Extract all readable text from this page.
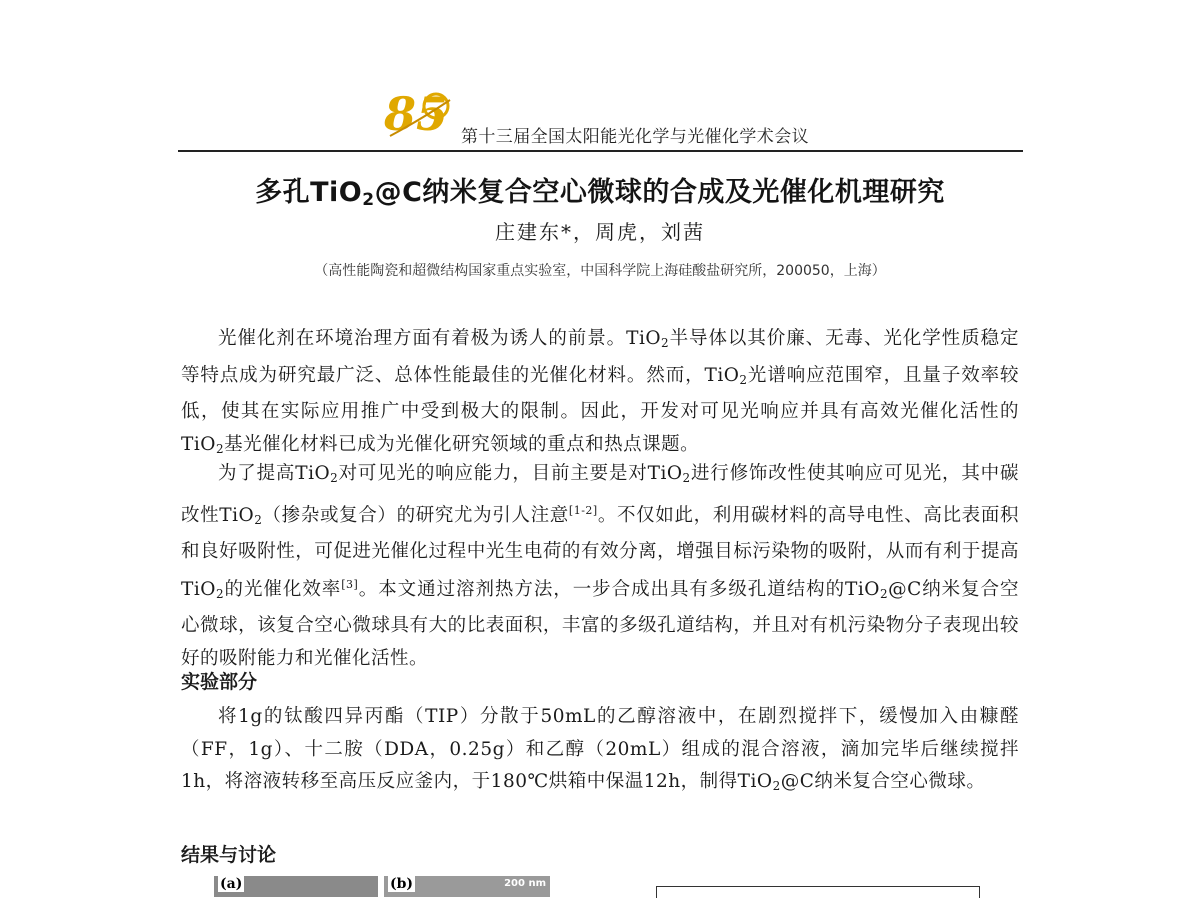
85 第十三届全国太阳能光化学与光催化学术会议
多孔TiO$_2$@C纳米复合空心微球的合成及光催化机理研究
庄建东*，周虎，刘茜
（高性能陶瓷和超微结构国家重点实验室，中国科学院上海硅酸盐研究所，200050，上海）
光催化剂在环境治理方面有着极为诱人的前景。TiO$_2$半导体以其价廉、无毒、光化学性质稳定等特点成为研究最广泛、总体性能最佳的光催化材料。然而，TiO$_2$光谱响应范围窄，且量子效率较低，使其在实际应用推广中受到极大的限制。因此，开发对可见光响应并具有高效光催化活性的TiO$_2$基光催化材料已成为光催化研究领域的重点和热点课题。
为了提高TiO$_2$对可见光的响应能力，目前主要是对TiO$_2$进行修饰改性使其响应可见光，其中碳改性TiO$_2$（掺杂或复合）的研究尤为引人注意[1-2]。不仅如此，利用碳材料的高导电性、高比表面积和良好吸附性，可促进光催化过程中光生电荷的有效分离，增强目标污染物的吸附，从而有利于提高TiO$_2$的光催化效率[3]。本文通过溶剂热方法，一步合成出具有多级孔道结构的TiO$_2$@C纳米复合空心微球，该复合空心微球具有大的比表面积，丰富的多级孔道结构，并且对有机污染物分子表现出较好的吸附能力和光催化活性。
实验部分
将1g的钛酸四异丙酯（TIP）分散于50mL的乙醇溶液中，在剧烈搅拌下，缓慢加入由糠醛（FF，1g）、十二胺（DDA，0.25g）和乙醇（20mL）组成的混合溶液，滴加完毕后继续搅拌1h，将溶液转移至高压反应釜内，于180℃烘箱中保温12h，制得TiO$_2$@C纳米复合空心微球。
结果与讨论
(a)	(b)	200 nm
